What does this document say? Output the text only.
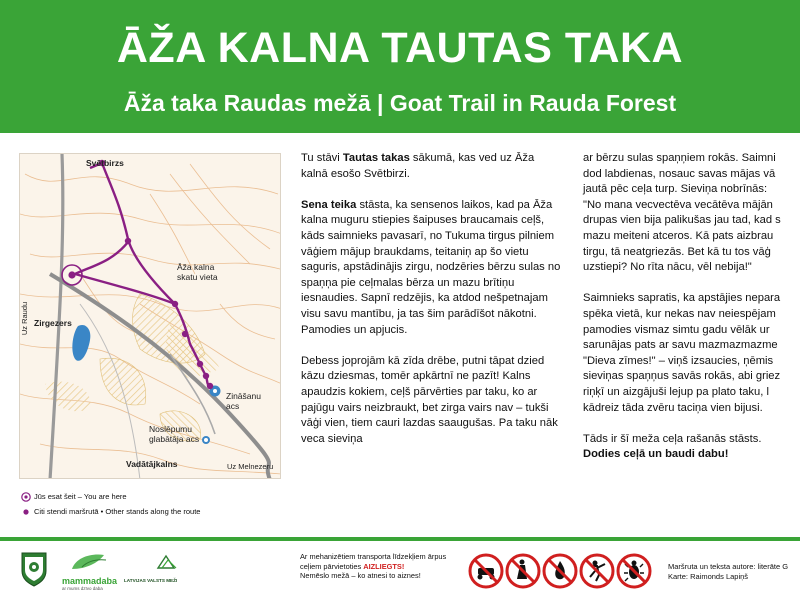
ĀŽA KALNA TAUTAS TAKA
Āža taka Raudas mežā | Goat Trail in Rauda Forest
Svētbirzs
Āža kalna
skatu vieta
Zirgezers
Zināšanu
acs
Noslēpumu
glabātāja acs
Vadātājkalns	Uz Melnezeru
Uz Raudu
Jūs esat šeit – You are here
Citi stendi maršrutā • Other stands along the route

Tu stāvi Tautas takas sākumā, kas ved uz Āža kalnā esošo Svētbirzi.

Sena teika stāsta, ka sensenos laikos, kad pa Āža kalna muguru stiepies šaipuses braucamais ceļš, kāds saimnieks pavasarī, no Tukuma tirgus pilniem vāģiem mājup braukdams, teitaniņ ap šo vietu saguris, apstādinājis zirgu, nodzēries bērzu sulas no spaņņa pie ceļmalas bērza un mazu brītiņu iesnaudies. Sapnī redzējis, ka atdod nešpetnajam visu savu mantību, ja tas šim parādīšot nākotni. Pamodies un apjucis.

Debess joprojām kā zīda drēbe, putni tāpat dzied kāzu dziesmas, tomēr apkārtnī ne pazīt! Kalns apaudzis kokiem, ceļš pārvērties par taku, ko ar pajūgu vairs neizbraukt, bet zirga vairs nav – tukši vāģi vien, tiem cauri lazdas saaugušas. Pa taku nāk veca sieviņa

ar bērzu sulas spaņņiem rokās. Saimni
dod labdienas, nosauc savas mājas vā
jautā pēc ceļa turp. Sieviņa nobrīnās:
"No mana vecvectēva vecātēva mājān
drupas vien bija palikušas jau tad, kad s
mazu meiteni atceros. Kā pats aizbrau
tirgu, tā neatgriezās. Bet kā tu tos vāģ
uzstiepi? No rīta nācu, vēl nebija!"

Saimnieks sapratis, ka apstājies nepara
spēka vietā, kur nekas nav neiespējam
pamodies vismaz simtu gadu vēlāk ur
sarunājas pats ar savu mazmazmazme
"Dieva zīmes!" – viņš izsaucies, ņēmis
sieviņas spaņņus savās rokās, abi griez
riņķī un aizgājuši lejup pa plato taku, l
kādreiz tāda zvēru taciņa vien bijusi.

Tāds ir šī meža ceļa rašanās stāsts.
Dodies ceļā un baudi dabu!

mammadaba
ar mums dzīvo daba
LATVIJAS VALSTS MEŽI
Ar mehanizētiem transporta līdzekļiem ārpus ceļiem pārvietoties AIZLIEGTS!
Nemēslo mežā – ko atnesi to aiznes!
Maršruta un teksta autore: literāte G
Karte: Raimonds Lapiņš
